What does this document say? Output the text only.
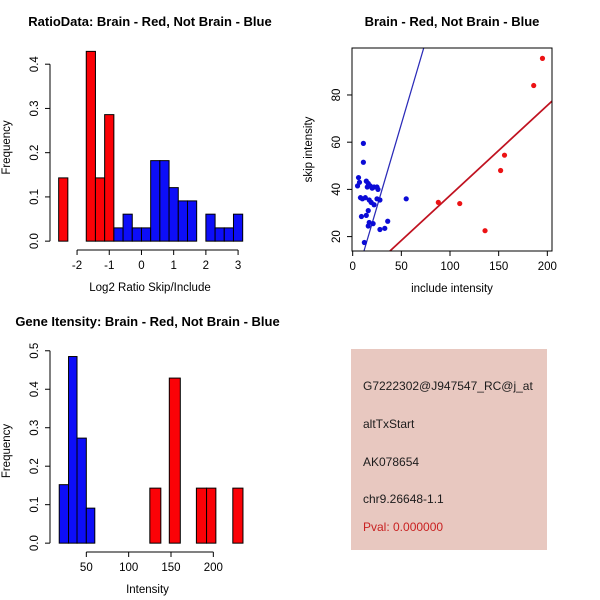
-2 -1 0 1 2 3
0.0
0.1
0.2
0.3
0.4
RatioData: Brain - Red, Not Brain - Blue
Log2 Ratio Skip/Include
Frequency
0	50	100	150	200
20
40
60
80
Brain - Red, Not Brain - Blue
include intensity
skip intensity
50 100 150 200
0.0
0.1
0.2
0.3
0.4
0.5
Gene Itensity: Brain - Red, Not Brain - Blue
Intensity
Frequency
G7222302@J947547_RC@j_at
altTxStart
AK078654
chr9.26648-1.1
Pval: 0.000000
